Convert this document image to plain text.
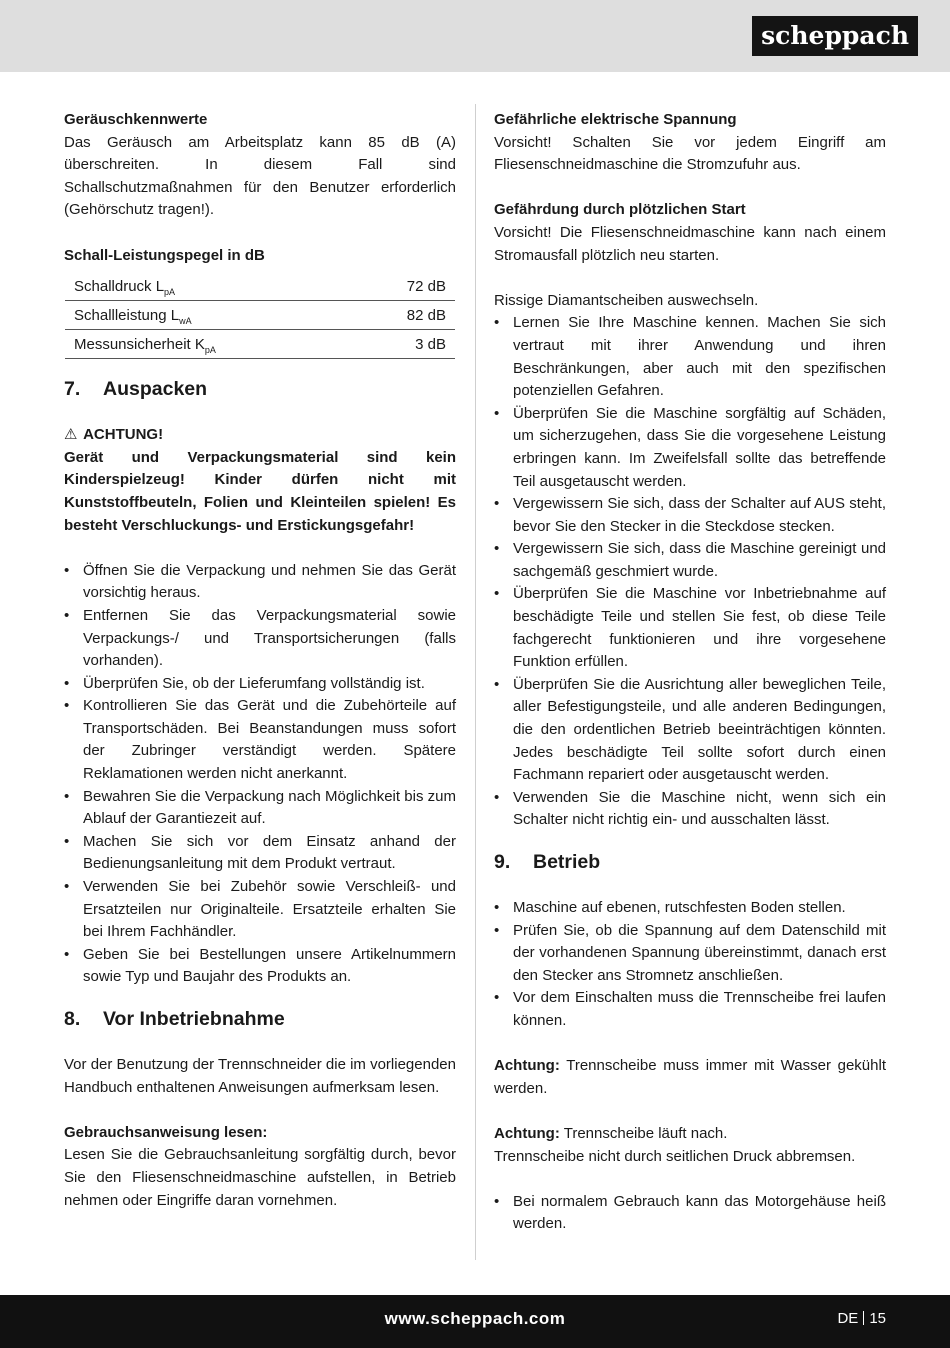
scheppach

Geräuschkennwerte

Das Geräusch am Arbeitsplatz kann 85 dB (A) überschreiten. In diesem Fall sind Schallschutzmaßnahmen für den Benutzer erforderlich (Gehörschutz tragen!).

Schall-Leistungspegel in dB

Schalldruck $L_{pA}$	72 dB
Schallleistung $L_{wA}$	82 dB
Messunsicherheit $K_{pA}$	3 dB
7. Auspacken

⚠ ACHTUNG!

Gerät und Verpackungsmaterial sind kein Kinderspielzeug! Kinder dürfen nicht mit Kunststoffbeuteln, Folien und Kleinteilen spielen! Es besteht Verschluckungs- und Erstickungsgefahr!

• Öffnen Sie die Verpackung und nehmen Sie das Gerät vorsichtig heraus.
• Entfernen Sie das Verpackungsmaterial sowie Verpackungs-/ und Transportsicherungen (falls vorhanden).
• Überprüfen Sie, ob der Lieferumfang vollständig ist.
• Kontrollieren Sie das Gerät und die Zubehörteile auf Transportschäden. Bei Beanstandungen muss sofort der Zubringer verständigt werden. Spätere Reklamationen werden nicht anerkannt.
• Bewahren Sie die Verpackung nach Möglichkeit bis zum Ablauf der Garantiezeit auf.
• Machen Sie sich vor dem Einsatz anhand der Bedienungsanleitung mit dem Produkt vertraut.
• Verwenden Sie bei Zubehör sowie Verschleiß- und Ersatzteilen nur Originalteile. Ersatzteile erhalten Sie bei Ihrem Fachhändler.
• Geben Sie bei Bestellungen unsere Artikelnummern sowie Typ und Baujahr des Produkts an.
8. Vor Inbetriebnahme

Vor der Benutzung der Trennschneider die im vorliegenden Handbuch enthaltenen Anweisungen aufmerksam lesen.

Gebrauchsanweisung lesen:

Lesen Sie die Gebrauchsanleitung sorgfältig durch, bevor Sie den Fliesenschneidmaschine aufstellen, in Betrieb nehmen oder Eingriffe daran vornehmen.

Gefährliche elektrische Spannung

Vorsicht! Schalten Sie vor jedem Eingriff am Fliesenschneidmaschine die Stromzufuhr aus.

Gefährdung durch plötzlichen Start

Vorsicht! Die Fliesenschneidmaschine kann nach einem Stromausfall plötzlich neu starten.

Rissige Diamantscheiben auswechseln.

• Lernen Sie Ihre Maschine kennen. Machen Sie sich vertraut mit ihrer Anwendung und ihren Beschränkungen, aber auch mit den spezifischen potenziellen Gefahren.
• Überprüfen Sie die Maschine sorgfältig auf Schäden, um sicherzugehen, dass Sie die vorgesehene Leistung erbringen kann. Im Zweifelsfall sollte das betreffende Teil ausgetauscht werden.
• Vergewissern Sie sich, dass der Schalter auf AUS steht, bevor Sie den Stecker in die Steckdose stecken.
• Vergewissern Sie sich, dass die Maschine gereinigt und sachgemäß geschmiert wurde.
• Überprüfen Sie die Maschine vor Inbetriebnahme auf beschädigte Teile und stellen Sie fest, ob diese Teile fachgerecht funktionieren und ihre vorgesehene Funktion erfüllen.
• Überprüfen Sie die Ausrichtung aller beweglichen Teile, aller Befestigungsteile, und alle anderen Bedingungen, die den ordentlichen Betrieb beeinträchtigen könnten. Jedes beschädigte Teil sollte sofort durch einen Fachmann repariert oder ausgetauscht werden.
• Verwenden Sie die Maschine nicht, wenn sich ein Schalter nicht richtig ein- und ausschalten lässt.
9. Betrieb
• Maschine auf ebenen, rutschfesten Boden stellen.
• Prüfen Sie, ob die Spannung auf dem Datenschild mit der vorhandenen Spannung übereinstimmt, danach erst den Stecker ans Stromnetz anschließen.
• Vor dem Einschalten muss die Trennscheibe frei laufen können.

Achtung: Trennscheibe muss immer mit Wasser gekühlt werden.

Achtung: Trennscheibe läuft nach.

Trennscheibe nicht durch seitlichen Druck abbremsen.

• Bei normalem Gebrauch kann das Motorgehäuse heiß werden.
www.scheppach.com	DE 15
